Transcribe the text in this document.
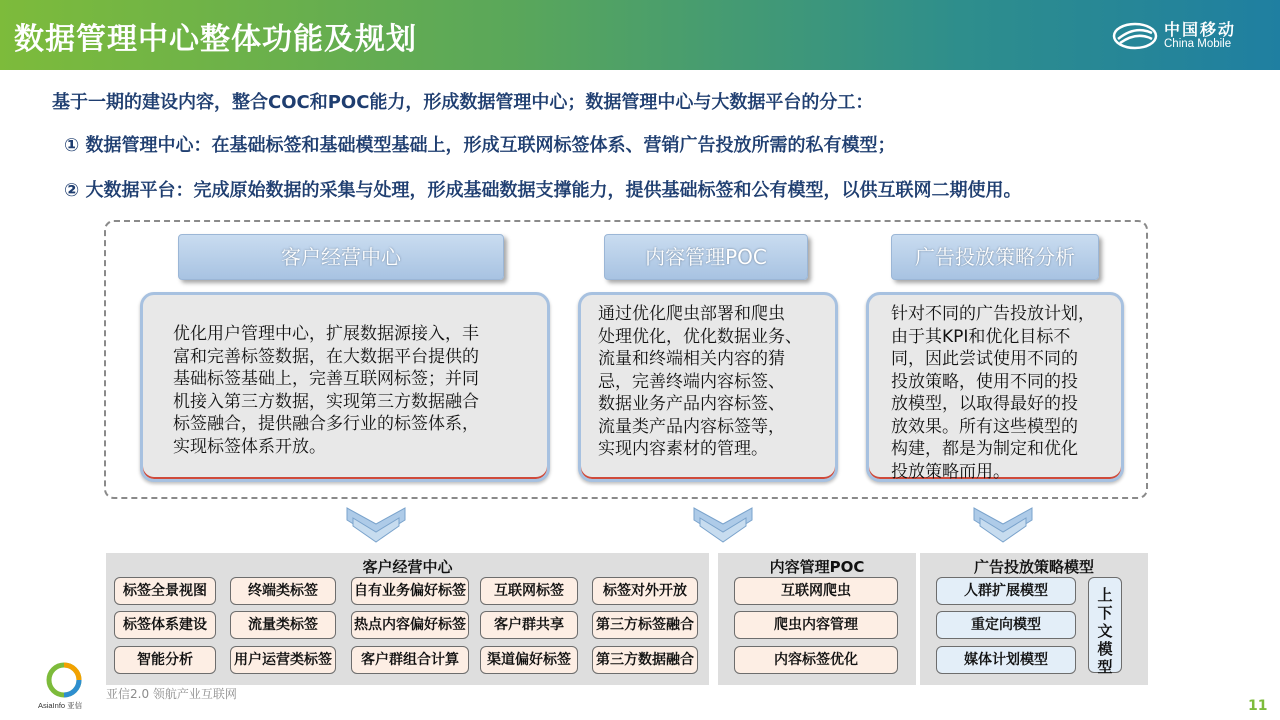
数据管理中心整体功能及规划	中国移动
China Mobile
基于一期的建设内容，整合COC和POC能力，形成数据管理中心；数据管理中心与大数据平台的分工：
① 数据管理中心：在基础标签和基础模型基础上，形成互联网标签体系、营销广告投放所需的私有模型；
② 大数据平台：完成原始数据的采集与处理，形成基础数据支撑能力，提供基础标签和公有模型，以供互联网二期使用。
客户经营中心	内容管理POC	广告投放策略分析
优化用户管理中心，扩展数据源接入，丰
富和完善标签数据，在大数据平台提供的
基础标签基础上，完善互联网标签；并同
机接入第三方数据，实现第三方数据融合
标签融合，提供融合多行业的标签体系，
实现标签体系开放。
通过优化爬虫部署和爬虫
处理优化，优化数据业务、
流量和终端相关内容的猜
忌，完善终端内容标签、
数据业务产品内容标签、
流量类产品内容标签等，
实现内容素材的管理。
针对不同的广告投放计划，
由于其KPI和优化目标不
同，因此尝试使用不同的
投放策略，使用不同的投
放模型，以取得最好的投
放效果。所有这些模型的
构建，都是为制定和优化
投放策略而用。
客户经营中心
标签全景视图	终端类标签	自有业务偏好标签	互联网标签	标签对外开放
标签体系建设	流量类标签	热点内容偏好标签	客户群共享	第三方标签融合
智能分析	用户运营类标签	客户群组合计算	渠道偏好标签	第三方数据融合
内容管理POC
互联网爬虫
爬虫内容管理
内容标签优化
广告投放策略模型
人群扩展模型
重定向模型
媒体计划模型
上下文模型
AsiaInfo 亚信
亚信2.0 领航产业互联网
11
